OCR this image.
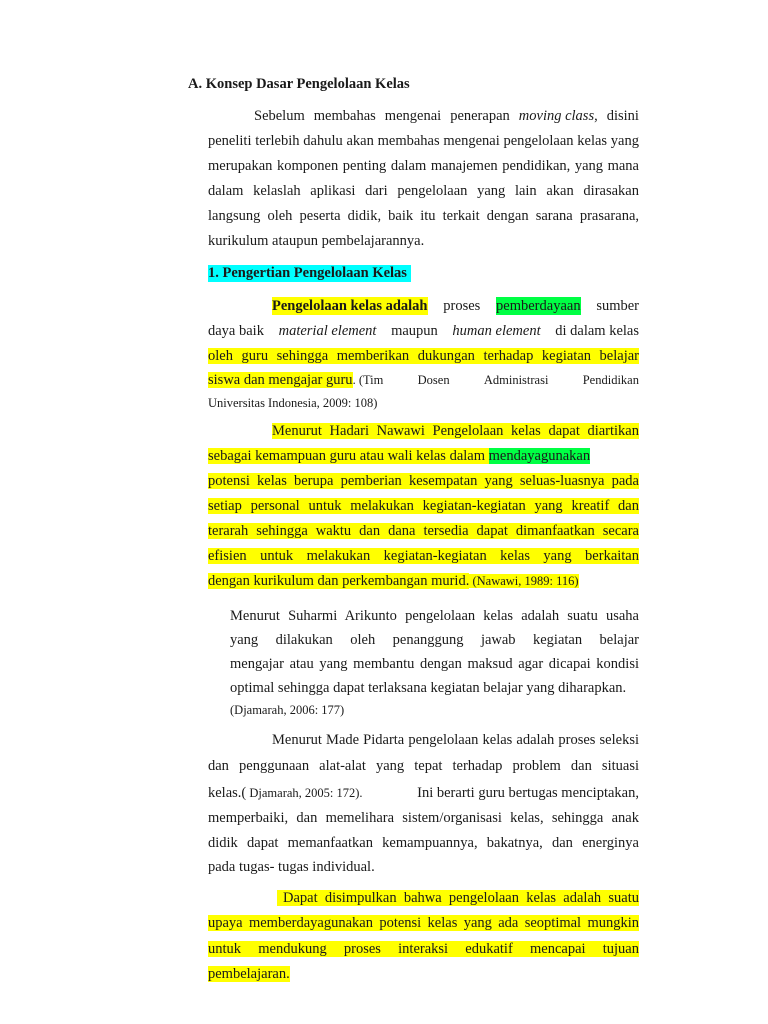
A. Konsep Dasar Pengelolaan Kelas
Sebelum membahas mengenai penerapan moving class, disini
peneliti terlebih dahulu akan membahas mengenai pengelolaan kelas yang
merupakan komponen penting dalam manajemen pendidikan, yang mana
dalam kelaslah aplikasi dari pengelolaan yang lain akan dirasakan
langsung oleh peserta didik, baik itu terkait dengan sarana prasarana,
kurikulum ataupun pembelajarannya.
1. Pengertian Pengelolaan Kelas
Pengelolaan kelas adalah proses pemberdayaan sumber
daya baik material element maupun human element di dalam kelas
oleh guru sehingga memberikan dukungan terhadap kegiatan belajar
siswa dan mengajar guru. (Tim	Dosen	Administrasi	Pendidikan
Universitas Indonesia, 2009: 108)
Menurut Hadari Nawawi Pengelolaan kelas dapat diartikan
sebagai kemampuan guru atau wali kelas dalam mendayagunakan
potensi kelas berupa pemberian kesempatan yang seluas-luasnya pada
setiap personal untuk melakukan kegiatan-kegiatan yang kreatif dan
terarah sehingga waktu dan dana tersedia dapat dimanfaatkan secara
efisien untuk melakukan kegiatan-kegiatan kelas yang berkaitan
dengan kurikulum dan perkembangan murid. (Nawawi, 1989: 116)
Menurut Suharmi Arikunto pengelolaan kelas adalah suatu usaha
yang dilakukan oleh penanggung jawab kegiatan belajar
mengajar atau yang membantu dengan maksud agar dicapai kondisi
optimal sehingga dapat terlaksana kegiatan belajar yang diharapkan.
(Djamarah, 2006: 177)
Menurut Made Pidarta pengelolaan kelas adalah proses seleksi
dan penggunaan alat-alat yang tepat terhadap problem dan situasi
kelas.( Djamarah, 2005: 172).	Ini berarti guru bertugas menciptakan,
memperbaiki, dan memelihara sistem/organisasi kelas, sehingga anak
didik dapat memanfaatkan kemampuannya, bakatnya, dan energinya
pada tugas- tugas individual.
Dapat disimpulkan bahwa pengelolaan kelas adalah suatu
upaya memberdayagunakan potensi kelas yang ada seoptimal mungkin
untuk mendukung proses interaksi edukatif mencapai tujuan
pembelajaran.
